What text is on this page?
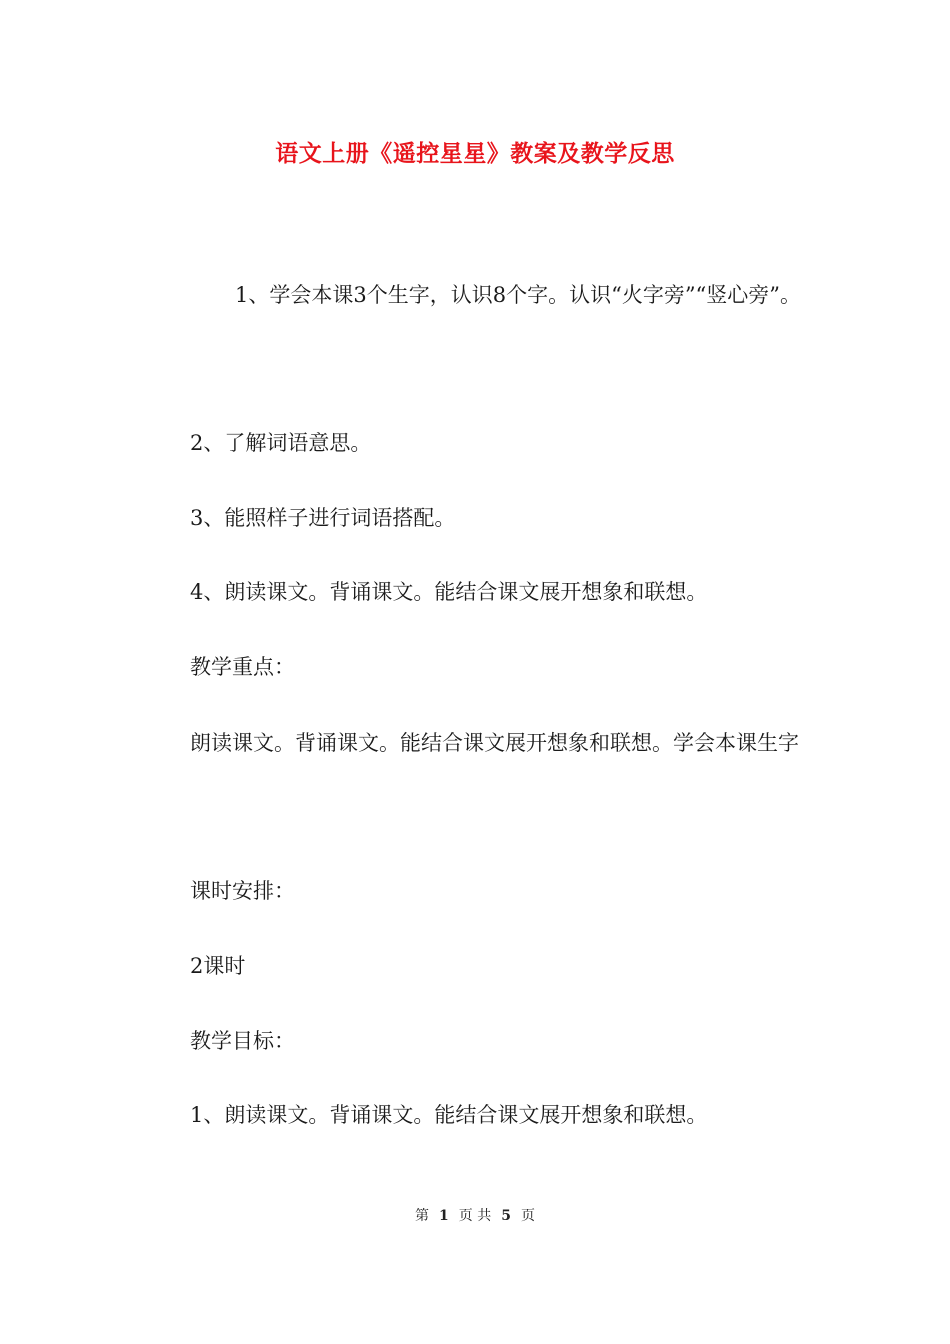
语文上册《遥控星星》教案及教学反思

1、学会本课3个生字，认识8个字。认识“火字旁”“竖心旁”。

2、了解词语意思。

3、能照样子进行词语搭配。

4、朗读课文。背诵课文。能结合课文展开想象和联想。

教学重点：

朗读课文。背诵课文。能结合课文展开想象和联想。学会本课生字

课时安排：

2课时

教学目标：

1、朗读课文。背诵课文。能结合课文展开想象和联想。

第 1 页 共 5 页
